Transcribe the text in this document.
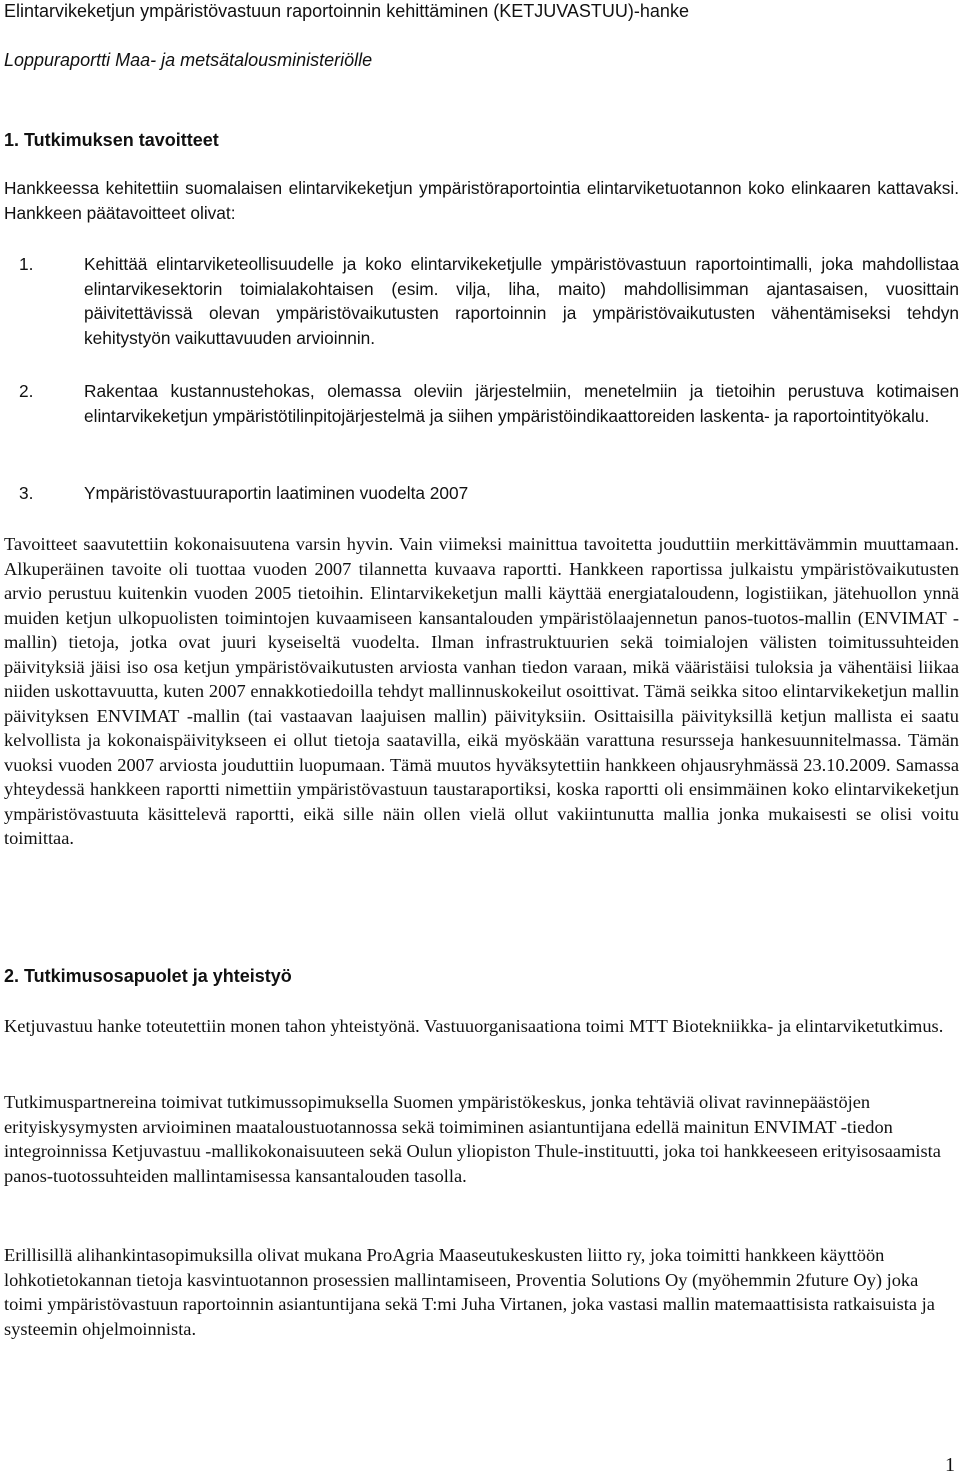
Elintarvikeketjun ympäristövastuun raportoinnin kehittäminen (KETJUVASTUU)-hanke
Loppuraportti Maa- ja metsätalousministeriölle
1. Tutkimuksen tavoitteet

Hankkeessa kehitettiin suomalaisen elintarvikeketjun ympäristöraportointia elintarviketuotannon koko elinkaaren kattavaksi. Hankkeen päätavoitteet olivat:

1.	Kehittää elintarviketeollisuudelle ja koko elintarvikeketjulle ympäristövastuun raportointimalli, joka mahdollistaa elintarvikesektorin toimialakohtaisen (esim. vilja, liha, maito) mahdollisimman ajantasaisen, vuosittain päivitettävissä olevan ympäristövaikutusten raportoinnin ja ympäristövaikutusten vähentämiseksi tehdyn kehitystyön vaikuttavuuden arvioinnin.

2.	Rakentaa kustannustehokas, olemassa oleviin järjestelmiin, menetelmiin ja tietoihin perustuva kotimaisen elintarvikeketjun ympäristötilinpitojärjestelmä ja siihen ympäristöindikaattoreiden laskenta- ja raportointityökalu.

3.	Ympäristövastuuraportin laatiminen vuodelta 2007

Tavoitteet saavutettiin kokonaisuutena varsin hyvin. Vain viimeksi mainittua tavoitetta jouduttiin merkittävämmin muuttamaan. Alkuperäinen tavoite oli tuottaa vuoden 2007 tilannetta kuvaava raportti. Hankkeen raportissa julkaistu ympäristövaikutusten arvio perustuu kuitenkin vuoden 2005 tietoihin. Elintarvikeketjun malli käyttää energiataloudenn, logistiikan, jätehuollon ynnä muiden ketjun ulkopuolisten toimintojen kuvaamiseen kansantalouden ympäristölaajennetun panos-tuotos-mallin (ENVIMAT -mallin) tietoja, jotka ovat juuri kyseiseltä vuodelta. Ilman infrastruktuurien sekä toimialojen välisten toimitussuhteiden päivityksiä jäisi iso osa ketjun ympäristövaikutusten arviosta vanhan tiedon varaan, mikä vääristäisi tuloksia ja vähentäisi liikaa niiden uskottavuutta, kuten 2007 ennakkotiedoilla tehdyt mallinnuskokeilut osoittivat. Tämä seikka sitoo elintarvikeketjun mallin päivityksen ENVIMAT -mallin (tai vastaavan laajuisen mallin) päivityksiin. Osittaisilla päivityksillä ketjun mallista ei saatu kelvollista ja kokonaispäivitykseen ei ollut tietoja saatavilla, eikä myöskään varattuna resursseja hankesuunnitelmassa. Tämän vuoksi vuoden 2007 arviosta jouduttiin luopumaan. Tämä muutos hyväksytettiin hankkeen ohjausryhmässä 23.10.2009. Samassa yhteydessä hankkeen raportti nimettiin ympäristövastuun taustaraportiksi, koska raportti oli ensimmäinen koko elintarvikeketjun ympäristövastuuta käsittelevä raportti, eikä sille näin ollen vielä ollut vakiintunutta mallia jonka mukaisesti se olisi voitu toimittaa.

2. Tutkimusosapuolet ja yhteistyö

Ketjuvastuu hanke toteutettiin monen tahon yhteistyönä. Vastuuorganisaationa toimi MTT Biotekniikka- ja elintarviketutkimus.

Tutkimuspartnereina toimivat tutkimussopimuksella Suomen ympäristökeskus, jonka tehtäviä olivat ravinnepäästöjen erityiskysymysten arvioiminen maataloustuotannossa sekä toimiminen asiantuntijana edellä mainitun ENVIMAT -tiedon integroinnissa Ketjuvastuu -mallikokonaisuuteen sekä Oulun yliopiston Thule-instituutti, joka toi hankkeeseen erityisosaamista panos-tuotossuhteiden mallintamisessa kansantalouden tasolla.

Erillisillä alihankintasopimuksilla olivat mukana ProAgria Maaseutukeskusten liitto ry, joka toimitti hankkeen käyttöön lohkotietokannan tietoja kasvintuotannon prosessien mallintamiseen, Proventia Solutions Oy (myöhemmin 2future Oy) joka toimi ympäristövastuun raportoinnin asiantuntijana sekä T:mi Juha Virtanen, joka vastasi mallin matemaattisista ratkaisuista ja systeemin ohjelmoinnista.

1
